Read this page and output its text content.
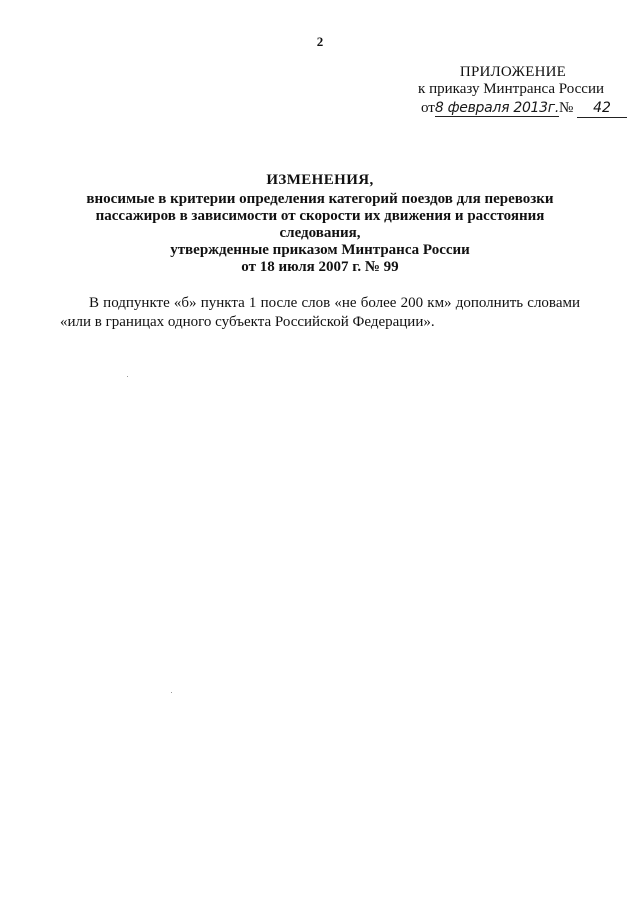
2
ПРИЛОЖЕНИЕ
к приказу Минтранса России
от8 февраля 2013г.№ 42
ИЗМЕНЕНИЯ,
вносимые в критерии определения категорий поездов для перевозки
пассажиров в зависимости от скорости их движения и расстояния следования,
утвержденные приказом Минтранса России
от 18 июля 2007 г. № 99

В подпункте «б» пункта 1 после слов «не более 200 км» дополнить словами «или в границах одного субъекта Российской Федерации».
